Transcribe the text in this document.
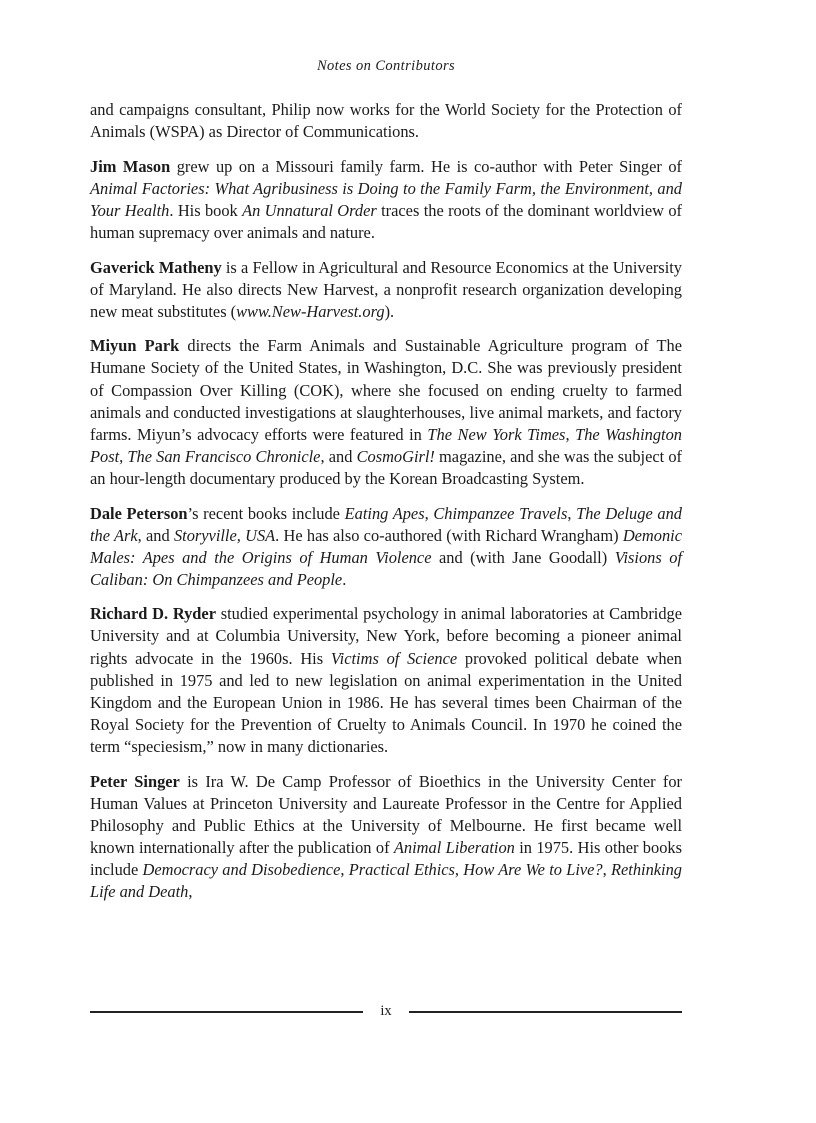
Notes on Contributors

and campaigns consultant, Philip now works for the World Society for the Protection of Animals (WSPA) as Director of Communications.

Jim Mason grew up on a Missouri family farm. He is co-author with Peter Singer of Animal Factories: What Agribusiness is Doing to the Family Farm, the Environment, and Your Health. His book An Unnatural Order traces the roots of the dominant worldview of human supremacy over animals and nature.

Gaverick Matheny is a Fellow in Agricultural and Resource Economics at the University of Maryland. He also directs New Harvest, a nonprofit research organization developing new meat substitutes (www.New-Harvest.org).

Miyun Park directs the Farm Animals and Sustainable Agriculture program of The Humane Society of the United States, in Washington, D.C. She was previously president of Compassion Over Killing (COK), where she focused on ending cruelty to farmed animals and conducted investigations at slaughterhouses, live animal markets, and factory farms. Miyun’s advocacy efforts were featured in The New York Times, The Washington Post, The San Francisco Chronicle, and CosmoGirl! magazine, and she was the subject of an hour-length documentary produced by the Korean Broadcasting System.

Dale Peterson’s recent books include Eating Apes, Chimpanzee Travels, The Deluge and the Ark, and Storyville, USA. He has also co-authored (with Richard Wrangham) Demonic Males: Apes and the Origins of Human Violence and (with Jane Goodall) Visions of Caliban: On Chimpanzees and People.

Richard D. Ryder studied experimental psychology in animal laboratories at Cambridge University and at Columbia University, New York, before becoming a pioneer animal rights advocate in the 1960s. His Victims of Science provoked political debate when published in 1975 and led to new legislation on animal experimentation in the United Kingdom and the European Union in 1986. He has several times been Chairman of the Royal Society for the Prevention of Cruelty to Animals Council. In 1970 he coined the term “speciesism,” now in many dictionaries.

Peter Singer is Ira W. De Camp Professor of Bioethics in the University Center for Human Values at Princeton University and Laureate Professor in the Centre for Applied Philosophy and Public Ethics at the University of Melbourne. He first became well known internationally after the publication of Animal Liberation in 1975. His other books include Democracy and Disobedience, Practical Ethics, How Are We to Live?, Rethinking Life and Death,

ix
